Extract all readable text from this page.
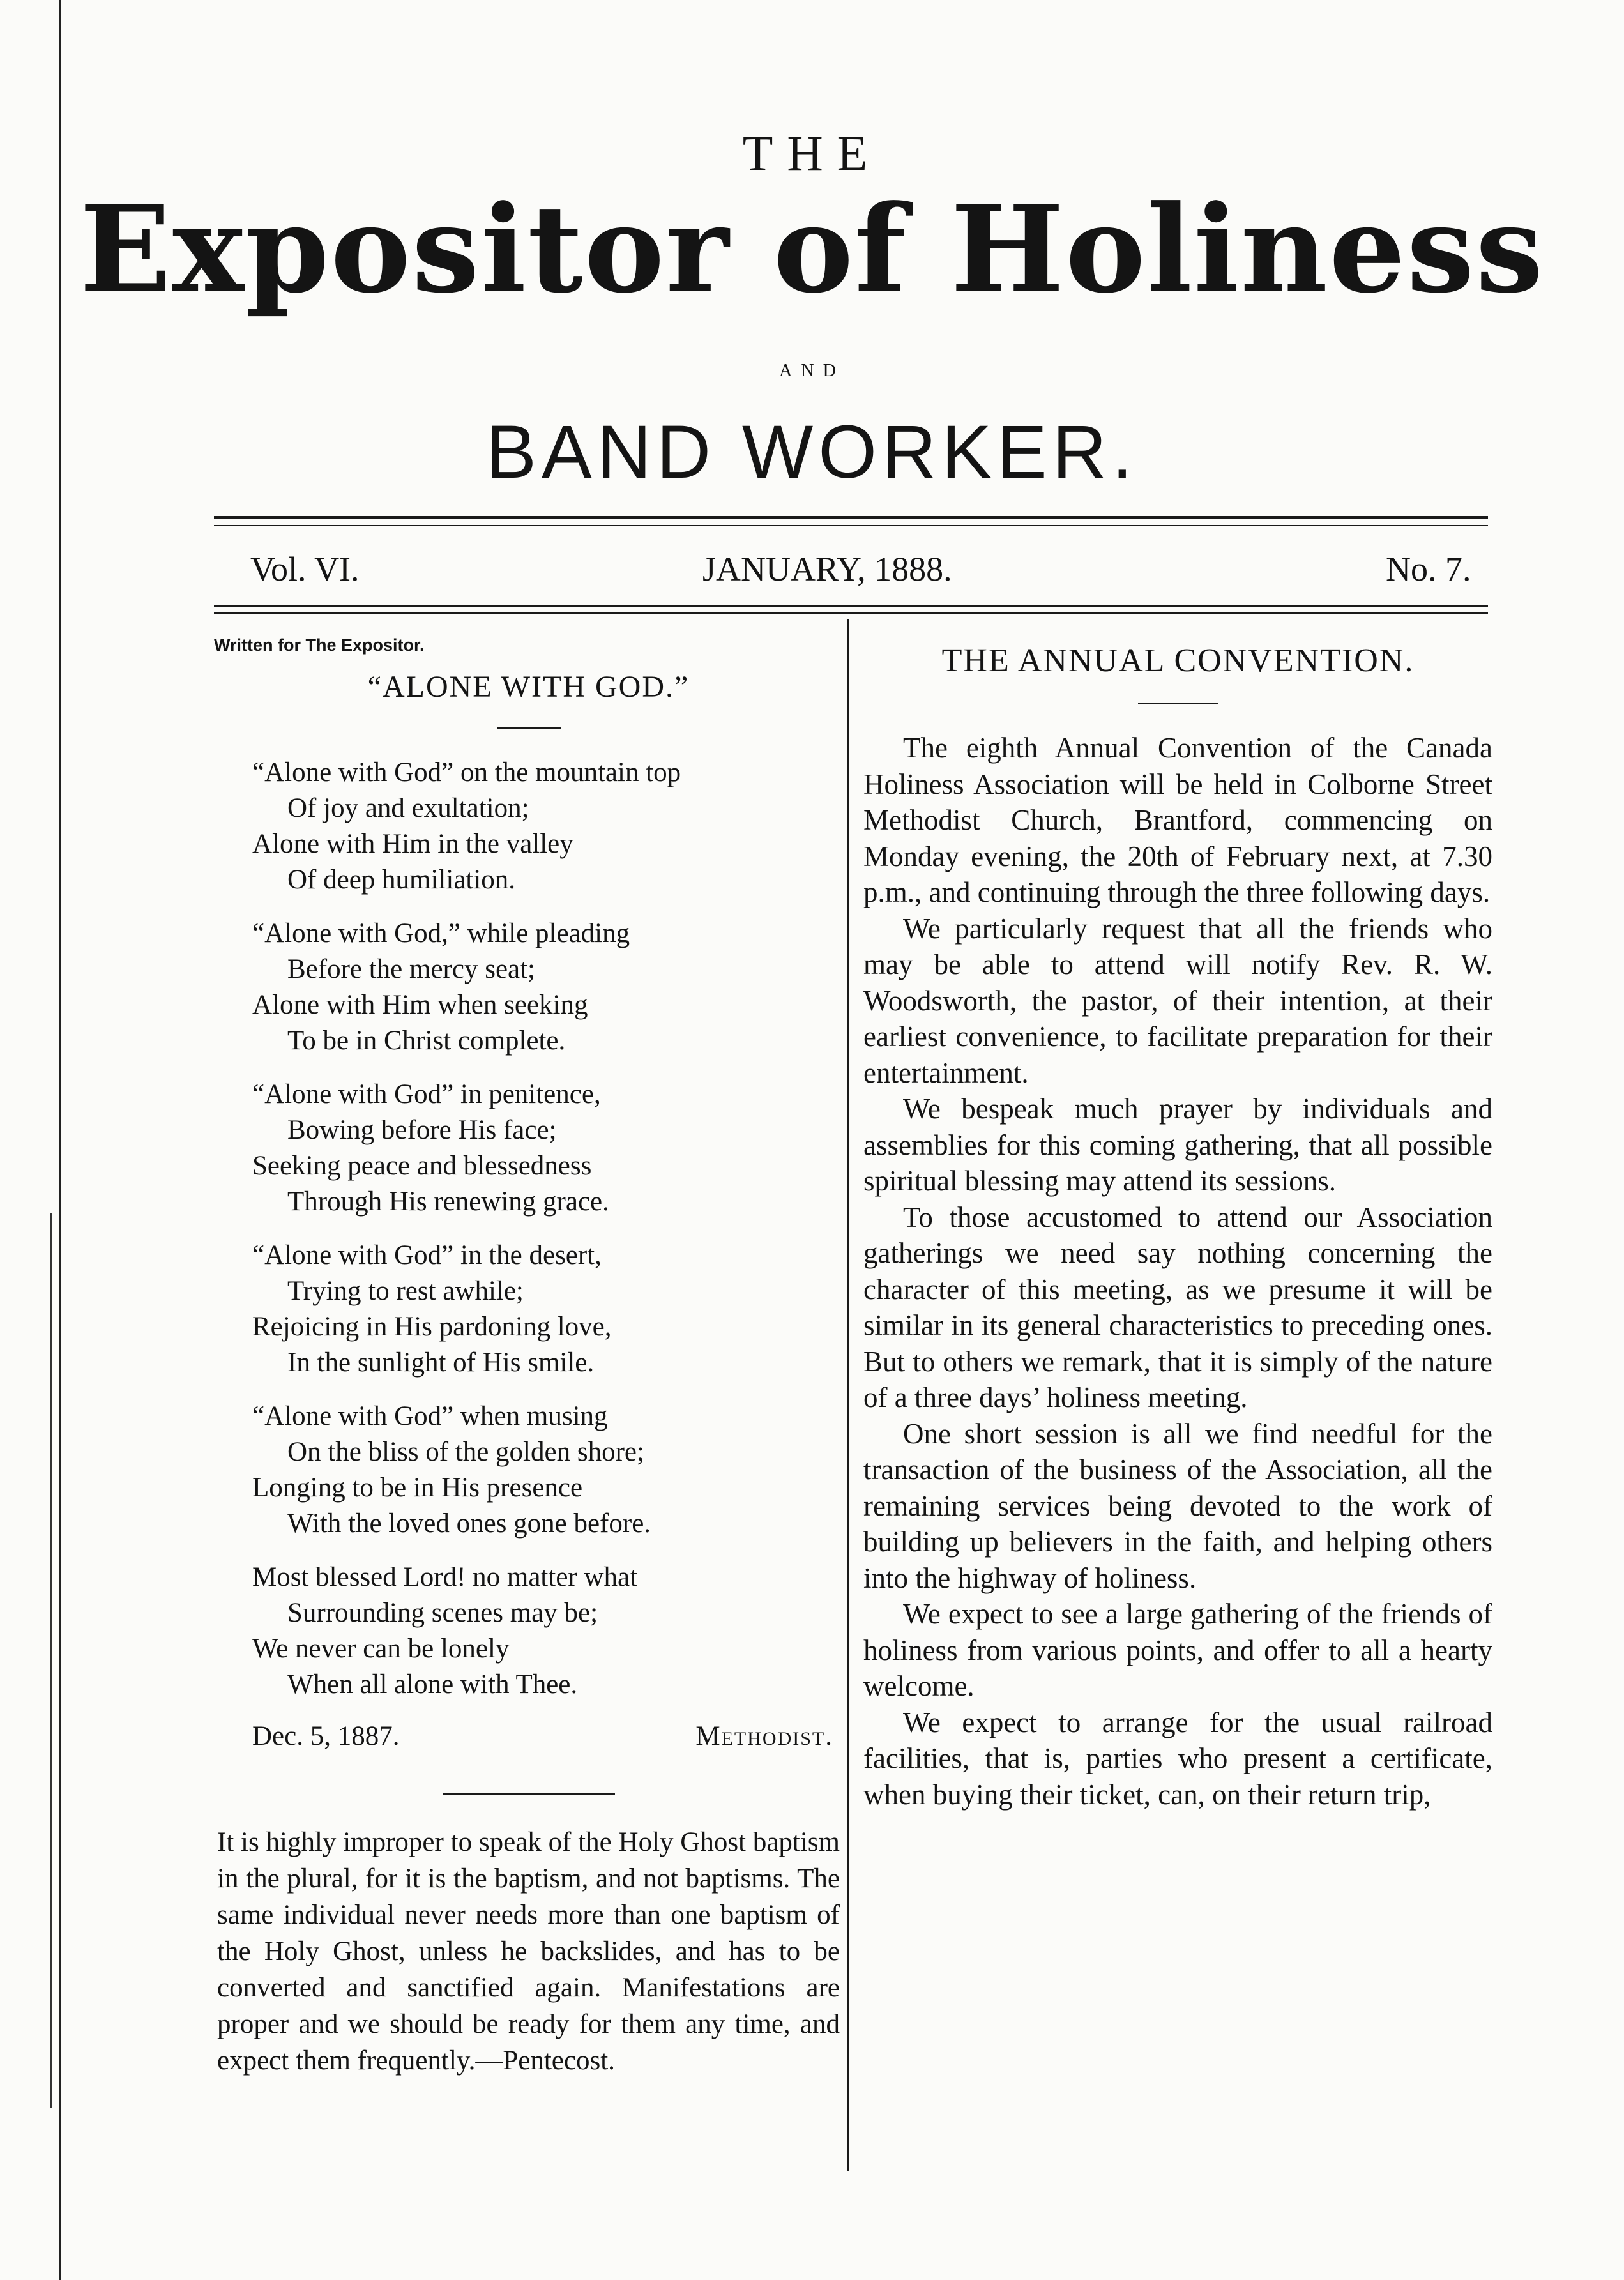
THE
Expositor of Holiness
AND
BAND WORKER.
Vol. VI.	JANUARY, 1888.	No. 7.
Written for The Expositor.
“ALONE WITH GOD.”
“Alone with God” on the mountain top
Of joy and exultation;
Alone with Him in the valley
Of deep humiliation.
“Alone with God,” while pleading
Before the mercy seat;
Alone with Him when seeking
To be in Christ complete.
“Alone with God” in penitence,
Bowing before His face;
Seeking peace and blessedness
Through His renewing grace.
“Alone with God” in the desert,
Trying to rest awhile;
Rejoicing in His pardoning love,
In the sunlight of His smile.
“Alone with God” when musing
On the bliss of the golden shore;
Longing to be in His presence
With the loved ones gone before.
Most blessed Lord! no matter what
Surrounding scenes may be;
We never can be lonely
When all alone with Thee.
Dec. 5, 1887.	Methodist.
It is highly improper to speak of the Holy Ghost baptism in the plural, for it is the baptism, and not baptisms. The same individual never needs more than one baptism of the Holy Ghost, unless he backslides, and has to be converted and sanctified again. Manifestations are proper and we should be ready for them any time, and expect them frequently.—Pentecost.
THE ANNUAL CONVENTION.

The eighth Annual Convention of the Canada Holiness Association will be held in Colborne Street Methodist Church, Brantford, commencing on Monday evening, the 20th of February next, at 7.30 p.m., and continuing through the three following days.

We particularly request that all the friends who may be able to attend will notify Rev. R. W. Woodsworth, the pastor, of their intention, at their earliest convenience, to facilitate preparation for their entertainment.

We bespeak much prayer by individuals and assemblies for this coming gathering, that all possible spiritual blessing may attend its sessions.

To those accustomed to attend our Association gatherings we need say nothing concerning the character of this meeting, as we presume it will be similar in its general characteristics to preceding ones. But to others we remark, that it is simply of the nature of a three days’ holiness meeting.

One short session is all we find needful for the transaction of the business of the Association, all the remaining services being devoted to the work of building up believers in the faith, and helping others into the highway of holiness.

We expect to see a large gathering of the friends of holiness from various points, and offer to all a hearty welcome.

We expect to arrange for the usual railroad facilities, that is, parties who present a certificate, when buying their ticket, can, on their return trip,
